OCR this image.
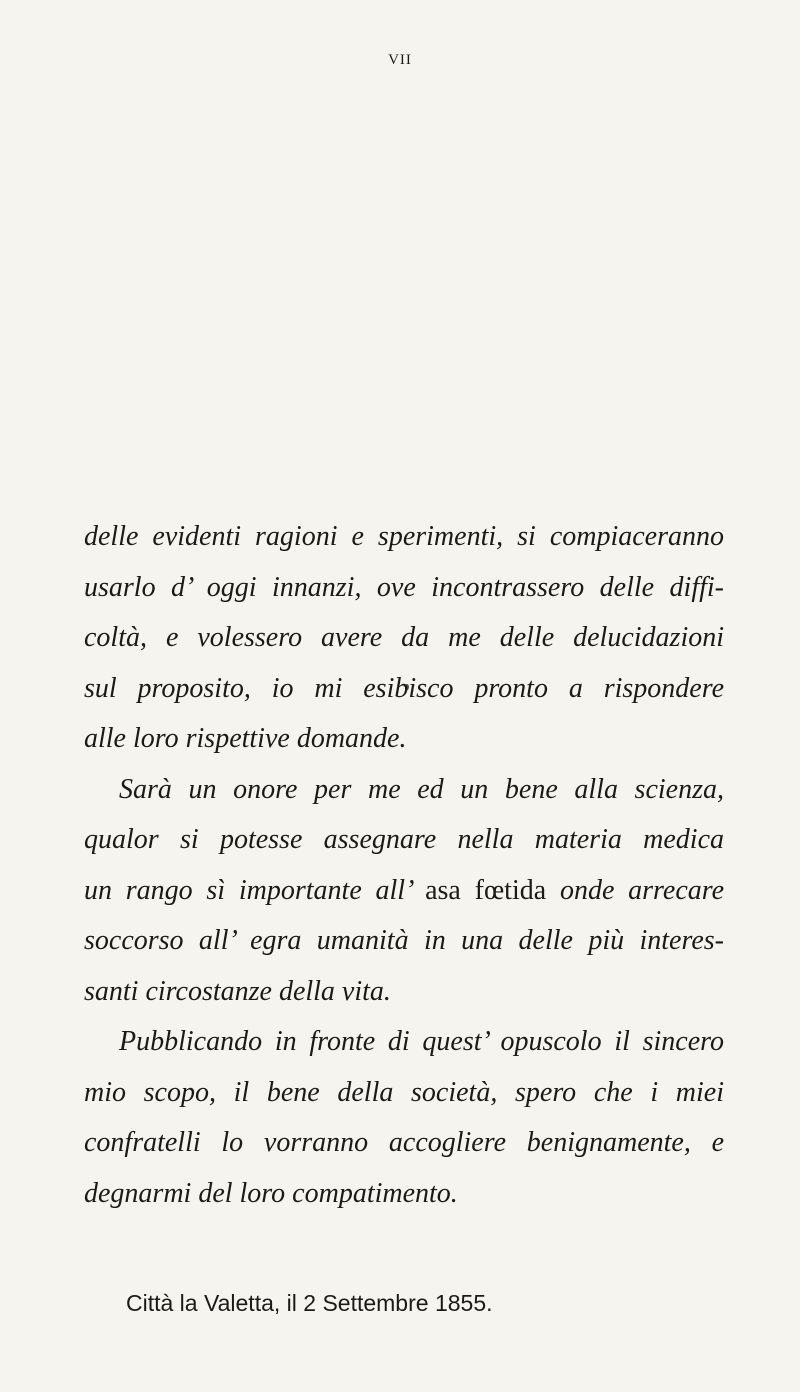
VII

delle evidenti ragioni e sperimenti, si compiaceranno
usarlo d’ oggi innanzi, ove incontrassero delle diffi-
coltà, e volessero avere da me delle delucidazioni
sul proposito, io mi esibisco pronto a rispondere
alle loro rispettive domande.

Sarà un onore per me ed un bene alla scienza,
qualor si potesse assegnare nella materia medica
un rango sì importante all’ asa fœtida onde arrecare
soccorso all’ egra umanità in una delle più interes-
santi circostanze della vita.

Pubblicando in fronte di quest’ opuscolo il sincero
mio scopo, il bene della società, spero che i miei
confratelli lo vorranno accogliere benignamente, e
degnarmi del loro compatimento.

Città la Valetta, il 2 Settembre 1855.
